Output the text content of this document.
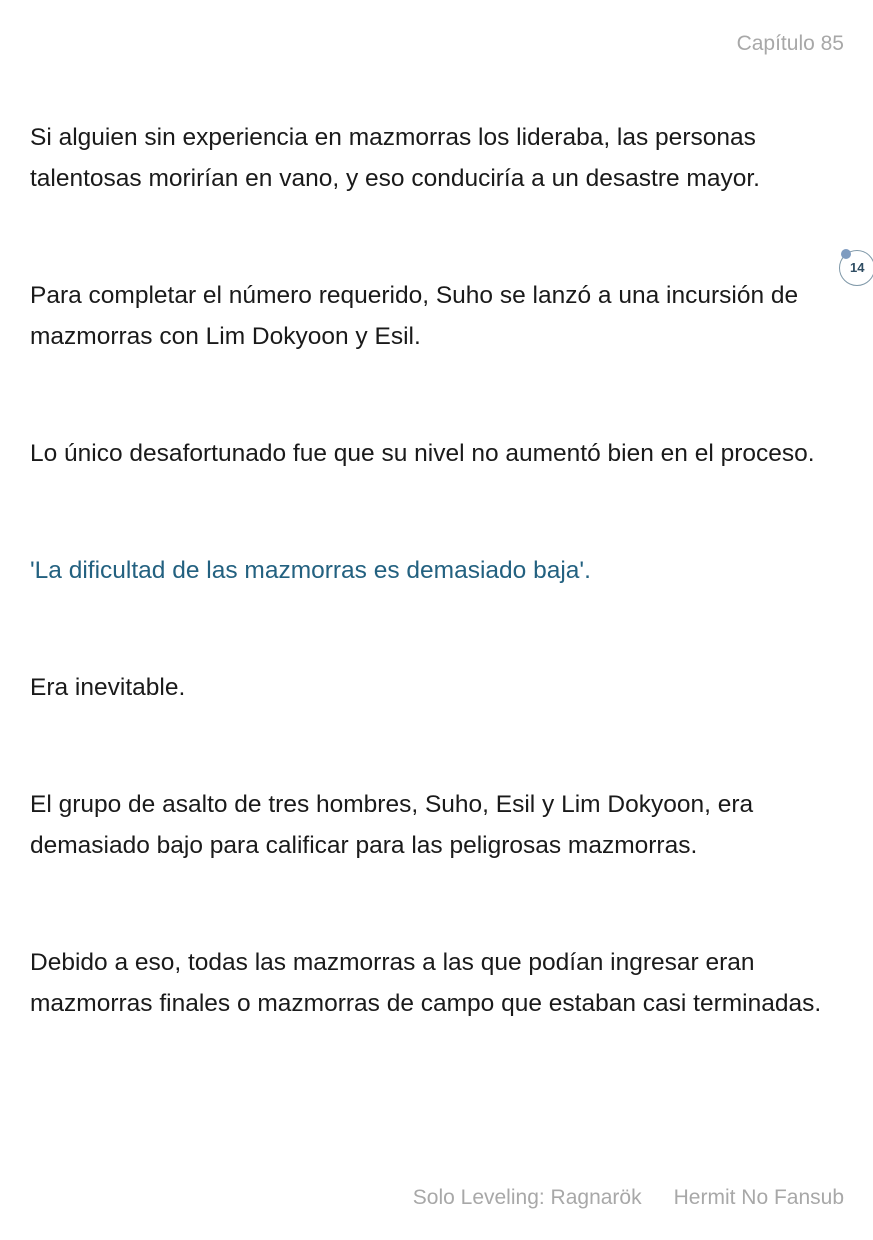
Capítulo 85
14

Si alguien sin experiencia en mazmorras los lideraba, las personas talentosas morirían en vano, y eso conduciría a un desastre mayor.

Para completar el número requerido, Suho se lanzó a una incursión de mazmorras con Lim Dokyoon y Esil.

Lo único desafortunado fue que su nivel no aumentó bien en el proceso.

'La dificultad de las mazmorras es demasiado baja'.

Era inevitable.

El grupo de asalto de tres hombres, Suho, Esil y Lim Dokyoon, era demasiado bajo para calificar para las peligrosas mazmorras.

Debido a eso, todas las mazmorras a las que podían ingresar eran mazmorras finales o mazmorras de campo que estaban casi terminadas.

Solo Leveling: Ragnarök Hermit No Fansub
